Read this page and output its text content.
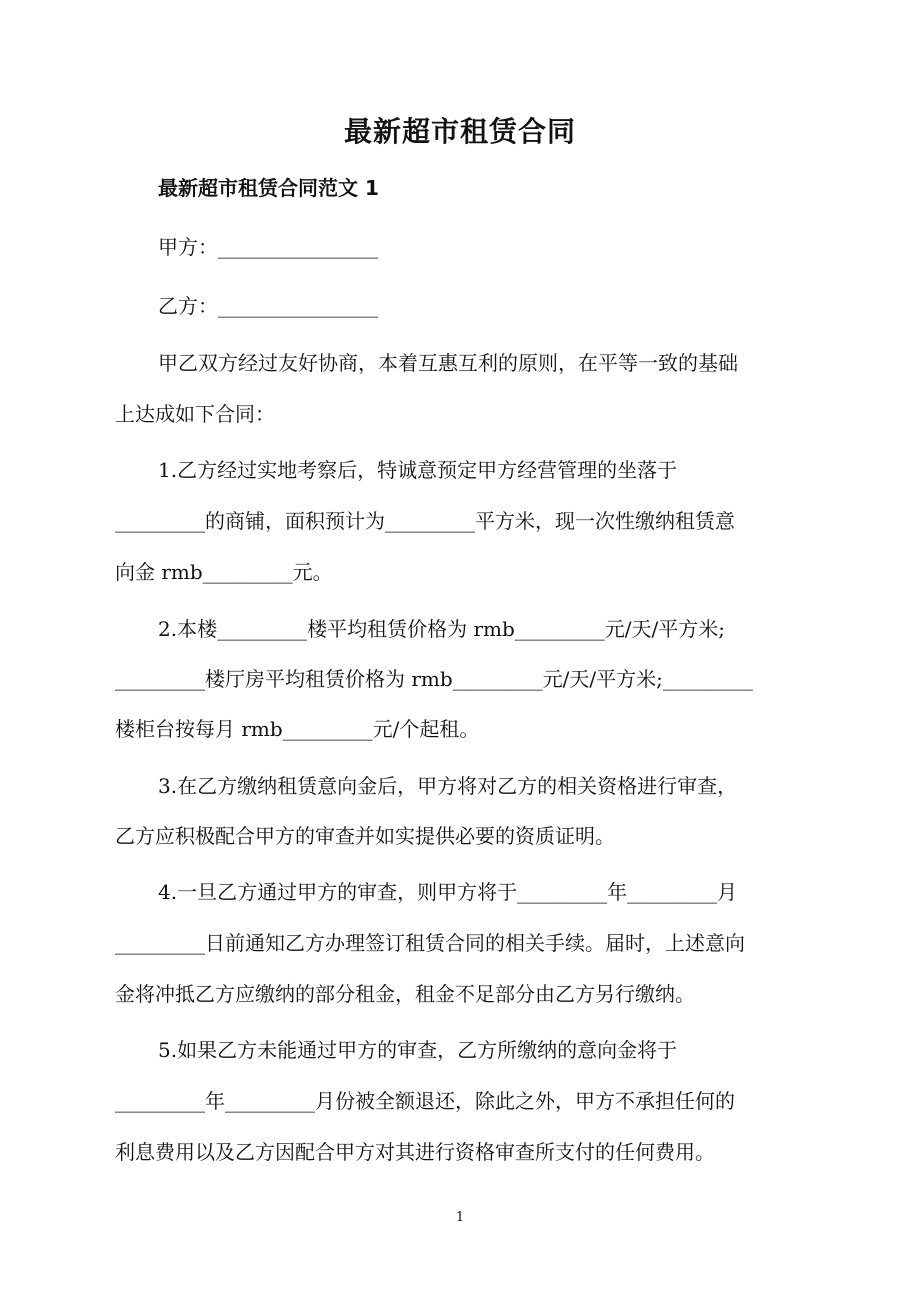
最新超市租赁合同
最新超市租赁合同范文 1
甲方：________________
乙方：________________
甲乙双方经过友好协商，本着互惠互利的原则，在平等一致的基础
上达成如下合同：
1.乙方经过实地考察后，特诚意预定甲方经营管理的坐落于
_________的商铺，面积预计为_________平方米，现一次性缴纳租赁意
向金 rmb_________元。
2.本楼_________楼平均租赁价格为 rmb_________元/天/平方米;
_________楼厅房平均租赁价格为 rmb_________元/天/平方米;_________
楼柜台按每月 rmb_________元/个起租。
3.在乙方缴纳租赁意向金后，甲方将对乙方的相关资格进行审查，
乙方应积极配合甲方的审查并如实提供必要的资质证明。
4.一旦乙方通过甲方的审查，则甲方将于_________年_________月
_________日前通知乙方办理签订租赁合同的相关手续。届时，上述意向
金将冲抵乙方应缴纳的部分租金，租金不足部分由乙方另行缴纳。
5.如果乙方未能通过甲方的审查，乙方所缴纳的意向金将于
_________年_________月份被全额退还，除此之外，甲方不承担任何的
利息费用以及乙方因配合甲方对其进行资格审查所支付的任何费用。
1
